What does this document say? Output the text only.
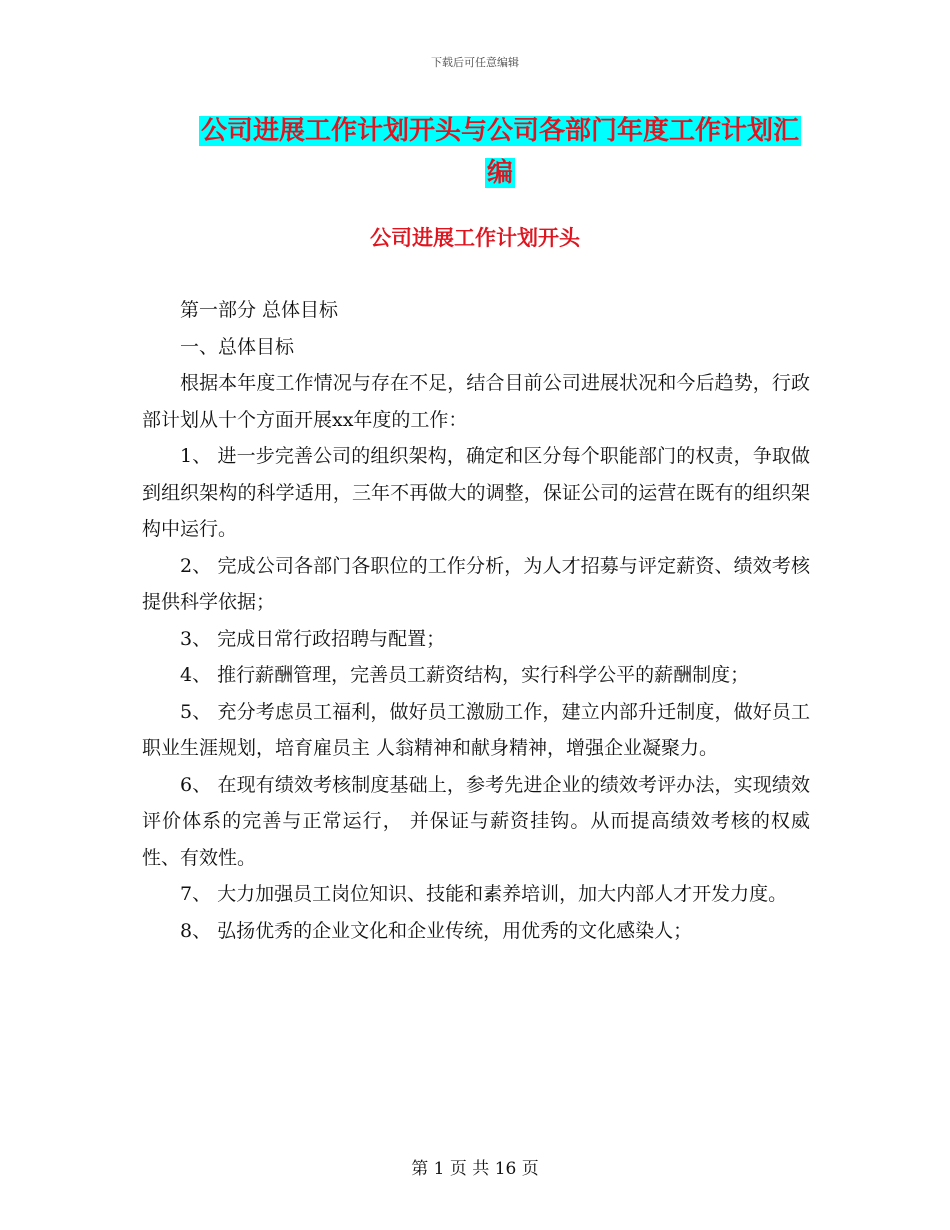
下载后可任意编辑
公司进展工作计划开头与公司各部门年度工作计划汇
编
公司进展工作计划开头

第一部分 总体目标

一、总体目标

根据本年度工作情况与存在不足，结合目前公司进展状况和今后趋势，行政部计划从十个方面开展xx年度的工作：

1、 进一步完善公司的组织架构，确定和区分每个职能部门的权责，争取做到组织架构的科学适用，三年不再做大的调整，保证公司的运营在既有的组织架构中运行。

2、 完成公司各部门各职位的工作分析，为人才招募与评定薪资、绩效考核提供科学依据；

3、 完成日常行政招聘与配置；

4、 推行薪酬管理，完善员工薪资结构，实行科学公平的薪酬制度；

5、 充分考虑员工福利，做好员工激励工作，建立内部升迁制度，做好员工职业生涯规划，培育雇员主 人翁精神和献身精神，增强企业凝聚力。

6、 在现有绩效考核制度基础上，参考先进企业的绩效考评办法，实现绩效评价体系的完善与正常运行， 并保证与薪资挂钩。从而提高绩效考核的权威性、有效性。

7、 大力加强员工岗位知识、技能和素养培训，加大内部人才开发力度。

8、 弘扬优秀的企业文化和企业传统，用优秀的文化感染人；

第 1 页 共 16 页
